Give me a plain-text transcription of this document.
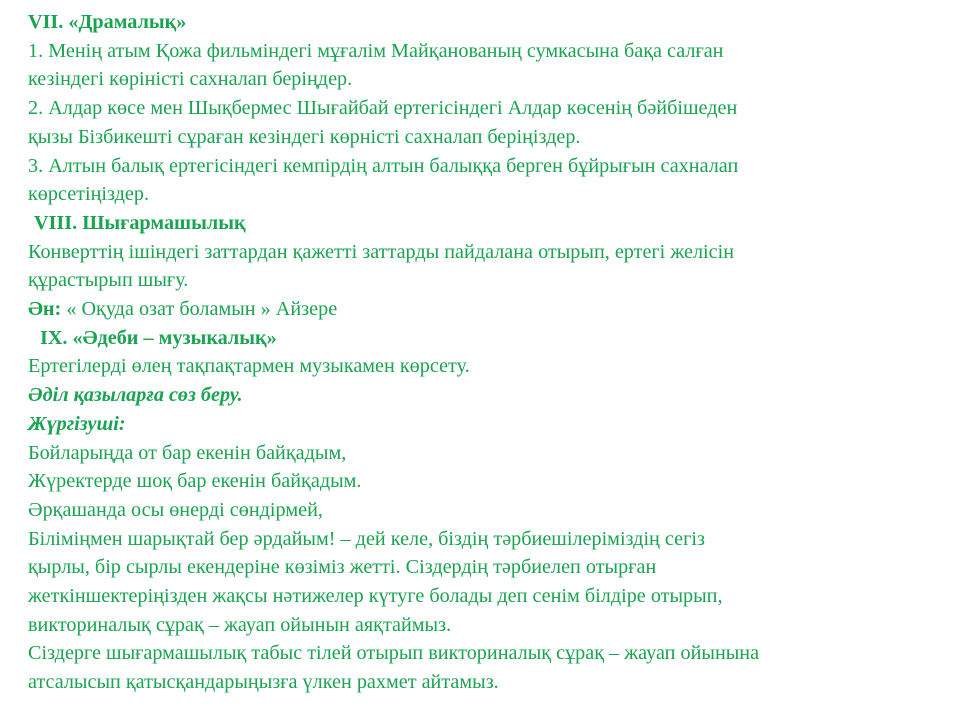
VII. «Драмалық»
1. Менің атым Қожа фильміндегі мұғалім Майқанованың сумкасына бақа салған
кезіндегі көріністі сахналап беріңдер.
2. Алдар көсе мен Шықбермес Шығайбай ертегісіндегі Алдар көсенің бәйбішеден
қызы Бізбикешті сұраған кезіндегі көрністі сахналап беріңіздер.
3. Алтын балық ертегісіндегі кемпірдің алтын балыққа берген бұйрығын сахналап
көрсетіңіздер.
VIII. Шығармашылық
Конверттің ішіндегі заттардан қажетті заттарды пайдалана отырып, ертегі желісін
құрастырып шығу.
Ән: « Оқуда озат боламын » Айзере
IX. «Әдеби – музыкалық»
Ертегілерді өлең тақпақтармен музыкамен көрсету.
Әділ қазыларға сөз беру.
Жүргізуші:
Бойларыңда от бар екенін байқадым,
Жүректерде шоқ бар екенін байқадым.
Әрқашанда осы өнерді сөндірмей,
Біліміңмен шарықтай бер әрдайым! – дей келе, біздің тәрбиешілеріміздің сегіз
қырлы, бір сырлы екендеріне көзіміз жетті. Сіздердің тәрбиелеп отырған
жеткіншектеріңізден жақсы нәтижелер күтуге болады деп сенім білдіре отырып,
викториналық сұрақ – жауап ойынын аяқтаймыз.
Сіздерге шығармашылық табыс тілей отырып викториналық сұрақ – жауап ойынына
атсалысып қатысқандарыңызға үлкен рахмет айтамыз.
